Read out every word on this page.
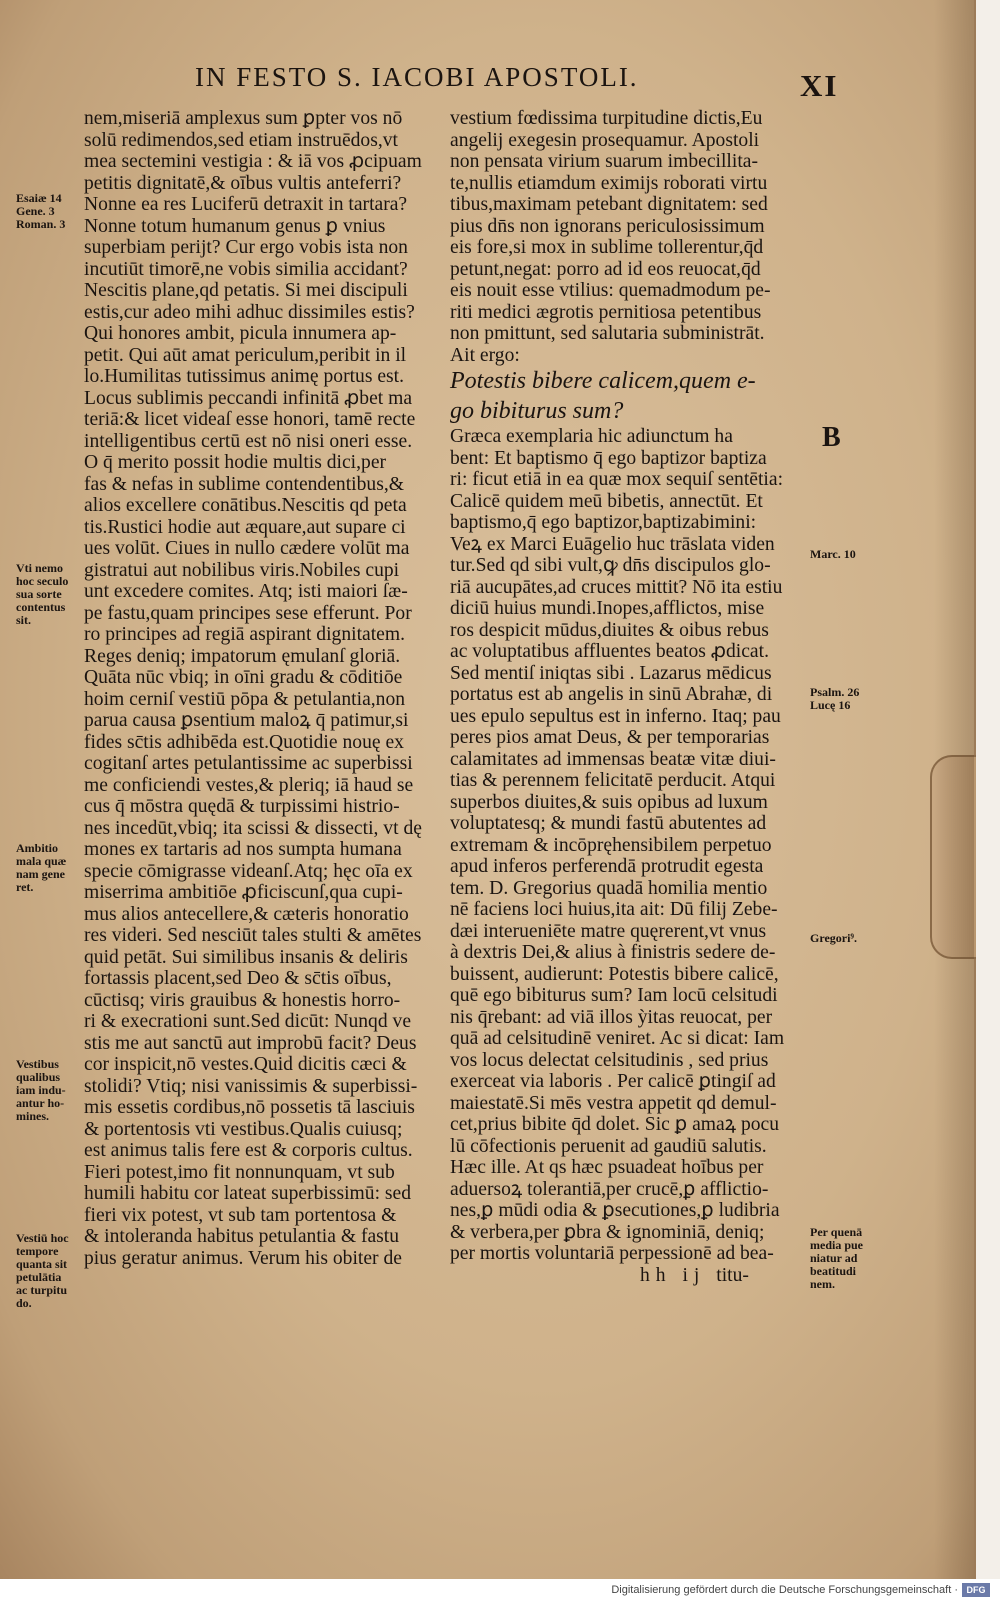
IN FESTO S. IACOBI APOSTOLI.	XI
nem,miseriā amplexus sum ꝑpter vos nō
solū redimendos,sed etiam instruēdos,vt
mea sectemini vestigia : & iā vos ꝓcipuam
petitis dignitatē,& oībus vultis anteferri?
Nonne ea res Luciferū detraxit in tartara?
Nonne totum humanum genus ꝑ vnius
superbiam perijt? Cur ergo vobis ista non
incutiūt timorē,ne vobis similia accidant?
Nescitis plane,qd petatis. Si mei discipuli
estis,cur adeo mihi adhuc dissimiles estis?
Qui honores ambit, picula innumera ap-
petit. Qui aūt amat periculum,peribit in il
lo.Humilitas tutissimus animę portus est.
Locus sublimis peccandi infinitā ꝓbet ma
teriā:& licet videaſ esse honori, tamē recte
intelligentibus certū est nō nisi oneri esse.
O q̄ merito possit hodie multis dici,per
fas & nefas in sublime contendentibus,&
alios excellere conātibus.Nescitis qd peta
tis.Rustici hodie aut æquare,aut supare ci
ues volūt. Ciues in nullo cædere volūt ma
gistratui aut nobilibus viris.Nobiles cupi
unt excedere comites. Atq; isti maiori ſæ-
pe fastu,quam principes sese efferunt. Por
ro principes ad regiā aspirant dignitatem.
Reges deniq; impatorum ęmulanſ gloriā.
Quāta nūc vbiq; in oīni gradu & cōditiōe
hoim cerniſ vestiū pōpa & petulantia,non
parua causa ꝑsentium maloꝝ q̄ patimur,si
fides sc̄tis adhibēda est.Quotidie nouę ex
cogitanſ artes petulantissime ac superbissi
me conficiendi vestes,& pleriq; iā haud se
cus q̄ mōstra quędā & turpissimi histrio-
nes incedūt,vbiq; ita scissi & dissecti, vt dę
mones ex tartaris ad nos sumpta humana
specie cōmigrasse videanſ.Atq; hęc oīa ex
miserrima ambitiōe ꝓficiscunſ,qua cupi-
mus alios antecellere,& cæteris honoratio
res videri. Sed nesciūt tales stulti & amētes
quid petāt. Sui similibus insanis & deliris
fortassis placent,sed Deo & sc̄tis oībus,
cūctisq; viris grauibus & honestis horro-
ri & execrationi sunt.Sed dicūt: Nunqd ve
stis me aut sanctū aut improbū facit? Deus
cor inspicit,nō vestes.Quid dicitis cæci &
stolidi? Vtiq; nisi vanissimis & superbissi-
mis essetis cordibus,nō possetis tā lasciuis
& portentosis vti vestibus.Qualis cuiusq;
est animus talis fere est & corporis cultus.
Fieri potest,imo fit nonnunquam, vt sub
humili habitu cor lateat superbissimū: sed
fieri vix potest, vt sub tam portentosa &
& intoleranda habitus petulantia & fastu
pius geratur animus. Verum his obiter de
vestium fœdissima turpitudine dictis,Eu
angelij exegesin prosequamur. Apostoli
non pensata virium suarum imbecillita-
te,nullis etiamdum eximijs roborati virtu
tibus,maximam petebant dignitatem: sed
pius dn̄s non ignorans periculosissimum
eis fore,si mox in sublime tollerentur,q̄d
petunt,negat: porro ad id eos reuocat,q̄d
eis nouit esse vtilius: quemadmodum pe-
riti medici ægrotis pernitiosa petentibus
non pmittunt, sed salutaria subministrāt.
Ait ergo:
Potestis bibere calicem,quem e-
go bibiturus sum?
Græca exemplaria hic adiunctum ha
bent: Et baptismo q̄ ego baptizor baptiza
ri: ficut etiā in ea quæ mox sequiſ sentētia:
Calicē quidem meū bibetis, annectūt. Et
baptismo,q̄ ego baptizor,baptizabimini:
Veꝝ ex Marci Euāgelio huc trāslata viden
tur.Sed qd sibi vult,ꝙ dn̄s discipulos glo-
riā aucupātes,ad cruces mittit? Nō ita estiu
diciū huius mundi.Inopes,afflictos, mise
ros despicit mūdus,diuites & oibus rebus
ac voluptatibus affluentes beatos ꝓdicat.
Sed mentiſ iniqtas sibi . Lazarus mēdicus
portatus est ab angelis in sinū Abrahæ, di
ues epulo sepultus est in inferno. Itaq; pau
peres pios amat Deus, & per temporarias
calamitates ad immensas beatæ vitæ diui-
tias & perennem felicitatē perducit. Atqui
superbos diuites,& suis opibus ad luxum
voluptatesq; & mundi fastū abutentes ad
extremam & incōpręhensibilem perpetuo
apud inferos perferendā protrudit egesta
tem. D. Gregorius quadā homilia mentio
nē faciens loci huius,ita ait: Dū filij Zebe-
dæi interueniēte matre quęrerent,vt vnus
à dextris Dei,& alius à finistris sedere de-
buissent, audierunt: Potestis bibere calicē,
quē ego bibiturus sum? Iam locū celsitudi
nis q̄rebant: ad viā illos ỳitas reuocat, per
quā ad celsitudinē veniret. Ac si dicat: Iam
vos locus delectat celsitudinis , sed prius
exerceat via laboris . Per calicē ꝑtingiſ ad
maiestatē.Si mēs vestra appetit qd demul-
cet,prius bibite q̄d dolet. Sic ꝑ amaꝝ pocu
lū cōfectionis peruenit ad gaudiū salutis.
Hæc ille. At qs hæc psuadeat hoībus per
aduersoꝝ tolerantiā,per crucē,ꝑ afflictio-
nes,ꝑ mūdi odia & ꝑsecutiones,ꝑ ludibria
& verbera,per ꝑbra & ignominiā, deniq;
per mortis voluntariā perpessionē ad bea-
hh ij titu-
B
Esaiæ 14
Gene. 3
Roman. 3
Vti nemo
hoc seculo
sua sorte
contentus
sit.
Ambitio
mala quæ
nam gene
ret.
Vestibus
qualibus
iam indu-
antur ho-
mines.
Vestiū hoc
tempore
quanta sit
petulātia
ac turpitu
do.
Marc. 10
Psalm. 26
Lucę 16
Gregori⁹.
Per quenā
media pue
niatur ad
beatitudi
nem.
Digitalisierung gefördert durch die Deutsche Forschungsgemeinschaft · DFG
